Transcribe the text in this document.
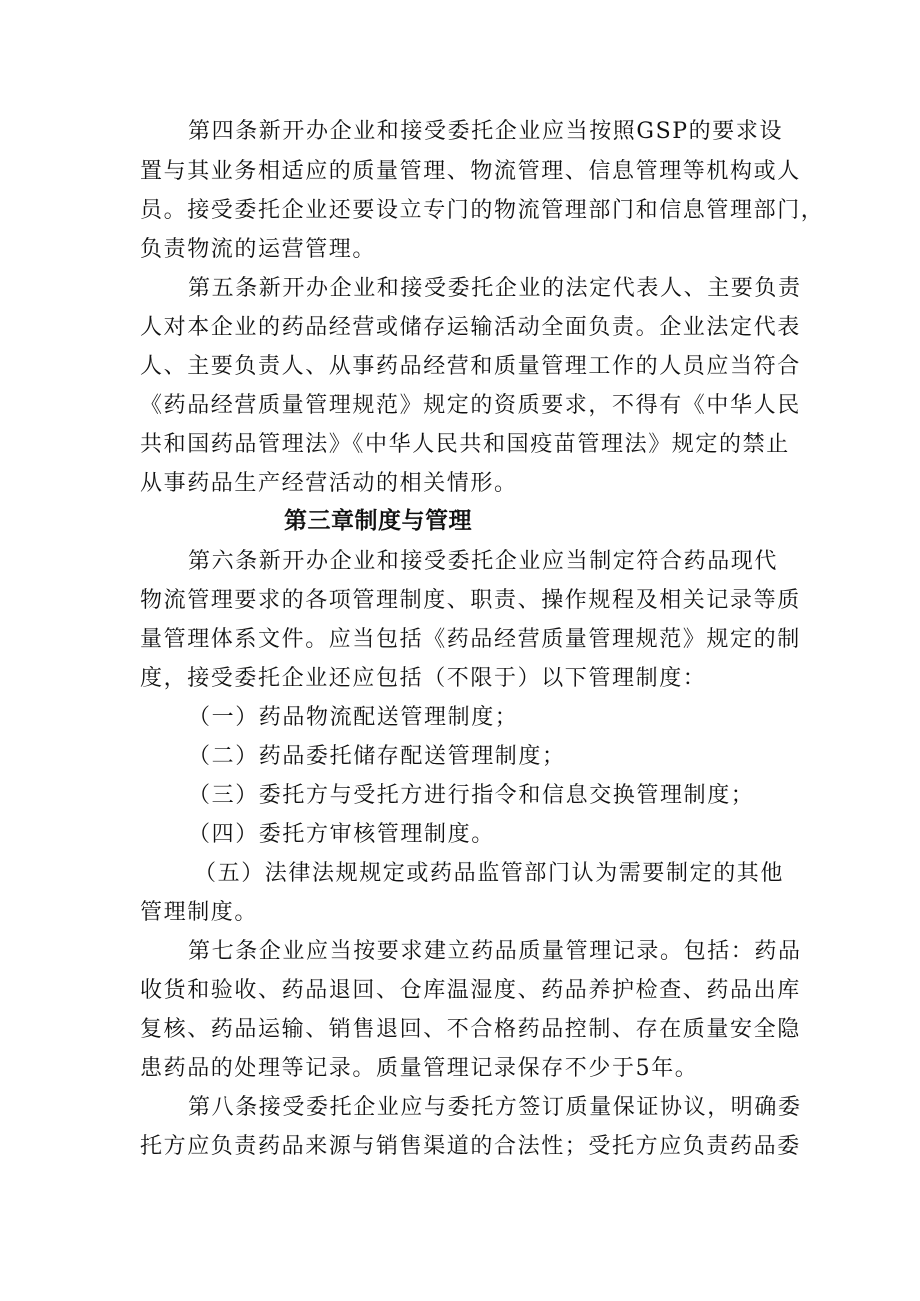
第四条新开办企业和接受委托企业应当按照GSP的要求设
置与其业务相适应的质量管理、物流管理、信息管理等机构或人
员。接受委托企业还要设立专门的物流管理部门和信息管理部门，
负责物流的运营管理。
第五条新开办企业和接受委托企业的法定代表人、主要负责
人对本企业的药品经营或储存运输活动全面负责。企业法定代表
人、主要负责人、从事药品经营和质量管理工作的人员应当符合
《药品经营质量管理规范》规定的资质要求，不得有《中华人民
共和国药品管理法》《中华人民共和国疫苗管理法》规定的禁止
从事药品生产经营活动的相关情形。
第三章制度与管理
第六条新开办企业和接受委托企业应当制定符合药品现代
物流管理要求的各项管理制度、职责、操作规程及相关记录等质
量管理体系文件。应当包括《药品经营质量管理规范》规定的制
度，接受委托企业还应包括（不限于）以下管理制度：
（一）药品物流配送管理制度；
（二）药品委托储存配送管理制度；
（三）委托方与受托方进行指令和信息交换管理制度；
（四）委托方审核管理制度。
（五）法律法规规定或药品监管部门认为需要制定的其他
管理制度。
第七条企业应当按要求建立药品质量管理记录。包括：药品
收货和验收、药品退回、仓库温湿度、药品养护检查、药品出库
复核、药品运输、销售退回、不合格药品控制、存在质量安全隐
患药品的处理等记录。质量管理记录保存不少于5年。
第八条接受委托企业应与委托方签订质量保证协议，明确委
托方应负责药品来源与销售渠道的合法性；受托方应负责药品委
